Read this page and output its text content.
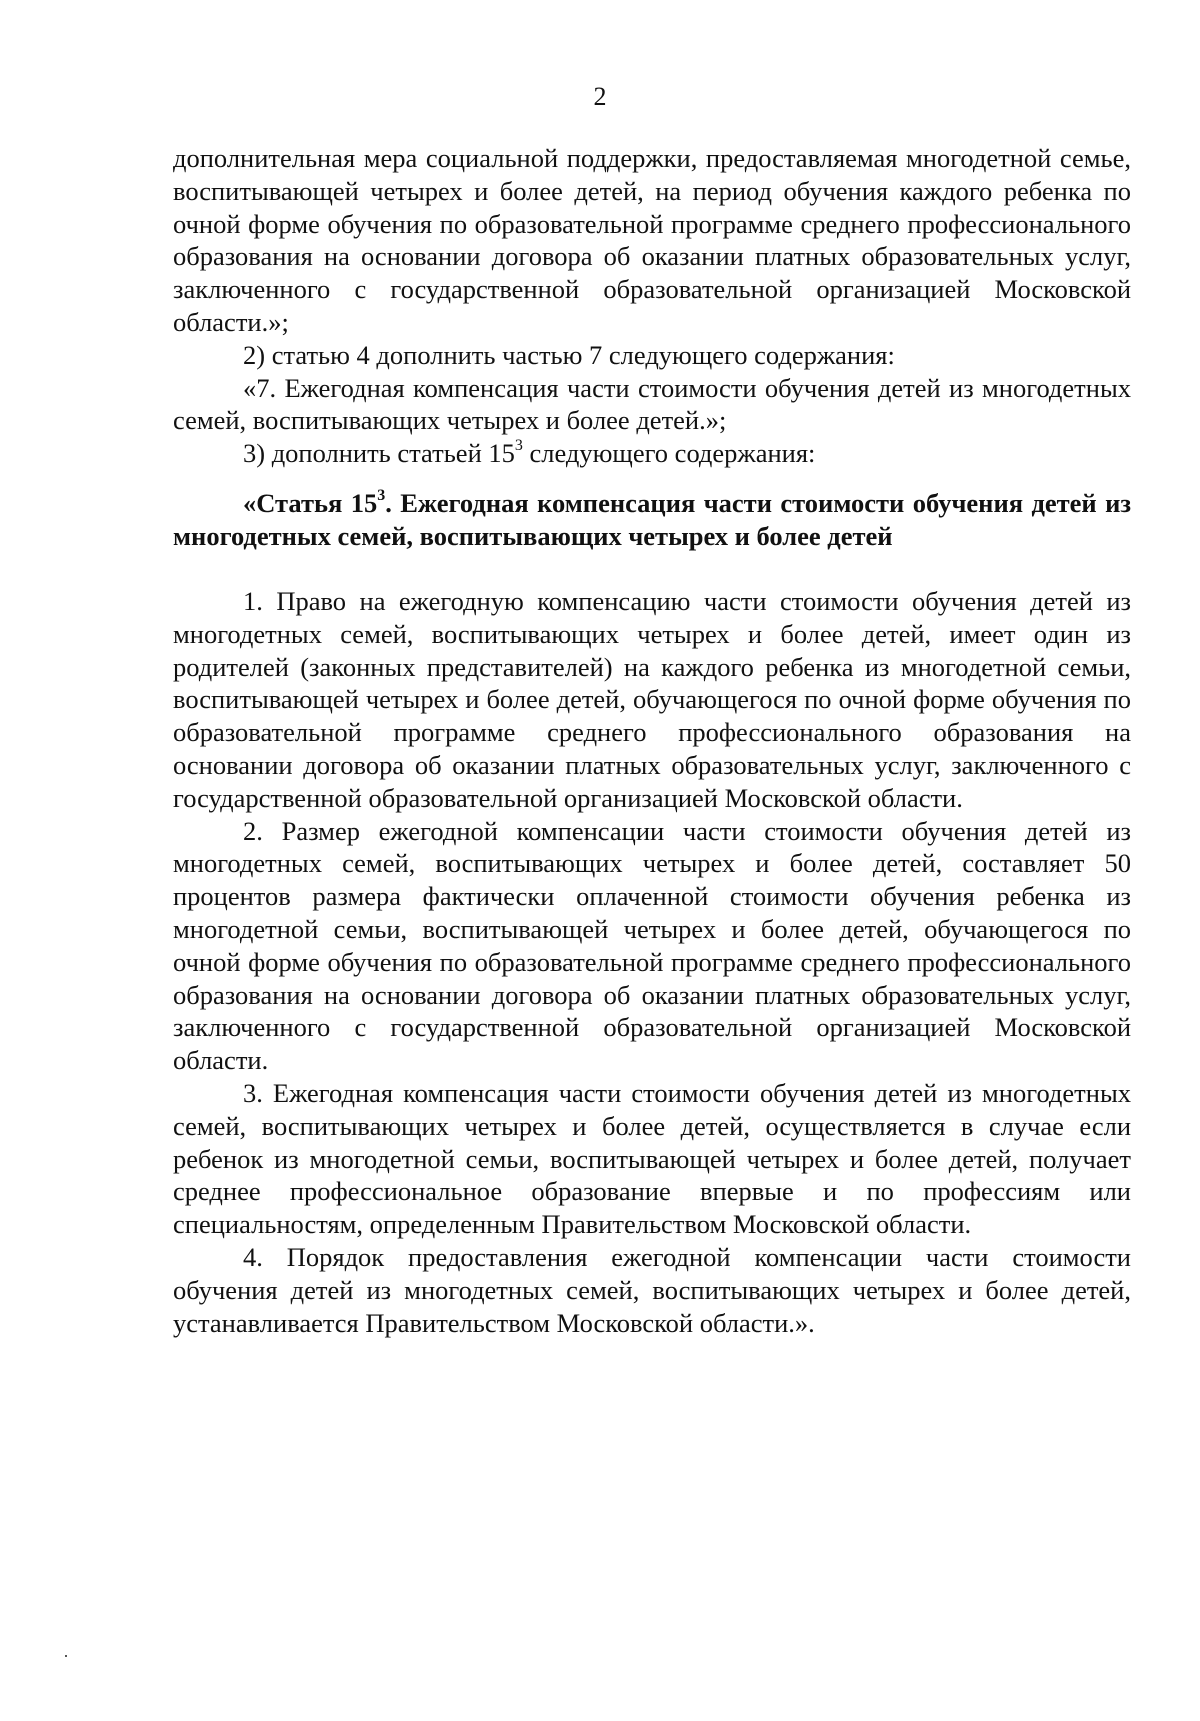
2

дополнительная мера социальной поддержки, предоставляемая многодетной семье, воспитывающей четырех и более детей, на период обучения каждого ребенка по очной форме обучения по образовательной программе среднего профессионального образования на основании договора об оказании платных образовательных услуг, заключенного с государственной образовательной организацией Московской области.»;

2) статью 4 дополнить частью 7 следующего содержания:

«7. Ежегодная компенсация части стоимости обучения детей из многодетных семей, воспитывающих четырех и более детей.»;

3) дополнить статьей $15^3$ следующего содержания:

«Статья $15^3$. Ежегодная компенсация части стоимости обучения детей из многодетных семей, воспитывающих четырех и более детей

1. Право на ежегодную компенсацию части стоимости обучения детей из многодетных семей, воспитывающих четырех и более детей, имеет один из родителей (законных представителей) на каждого ребенка из многодетной семьи, воспитывающей четырех и более детей, обучающегося по очной форме обучения по образовательной программе среднего профессионального образования на основании договора об оказании платных образовательных услуг, заключенного с государственной образовательной организацией Московской области.

2. Размер ежегодной компенсации части стоимости обучения детей из многодетных семей, воспитывающих четырех и более детей, составляет 50 процентов размера фактически оплаченной стоимости обучения ребенка из многодетной семьи, воспитывающей четырех и более детей, обучающегося по очной форме обучения по образовательной программе среднего профессионального образования на основании договора об оказании платных образовательных услуг, заключенного с государственной образовательной организацией Московской области.

3. Ежегодная компенсация части стоимости обучения детей из многодетных семей, воспитывающих четырех и более детей, осуществляется в случае если ребенок из многодетной семьи, воспитывающей четырех и более детей, получает среднее профессиональное образование впервые и по профессиям или специальностям, определенным Правительством Московской области.

4. Порядок предоставления ежегодной компенсации части стоимости обучения детей из многодетных семей, воспитывающих четырех и более детей, устанавливается Правительством Московской области.».
